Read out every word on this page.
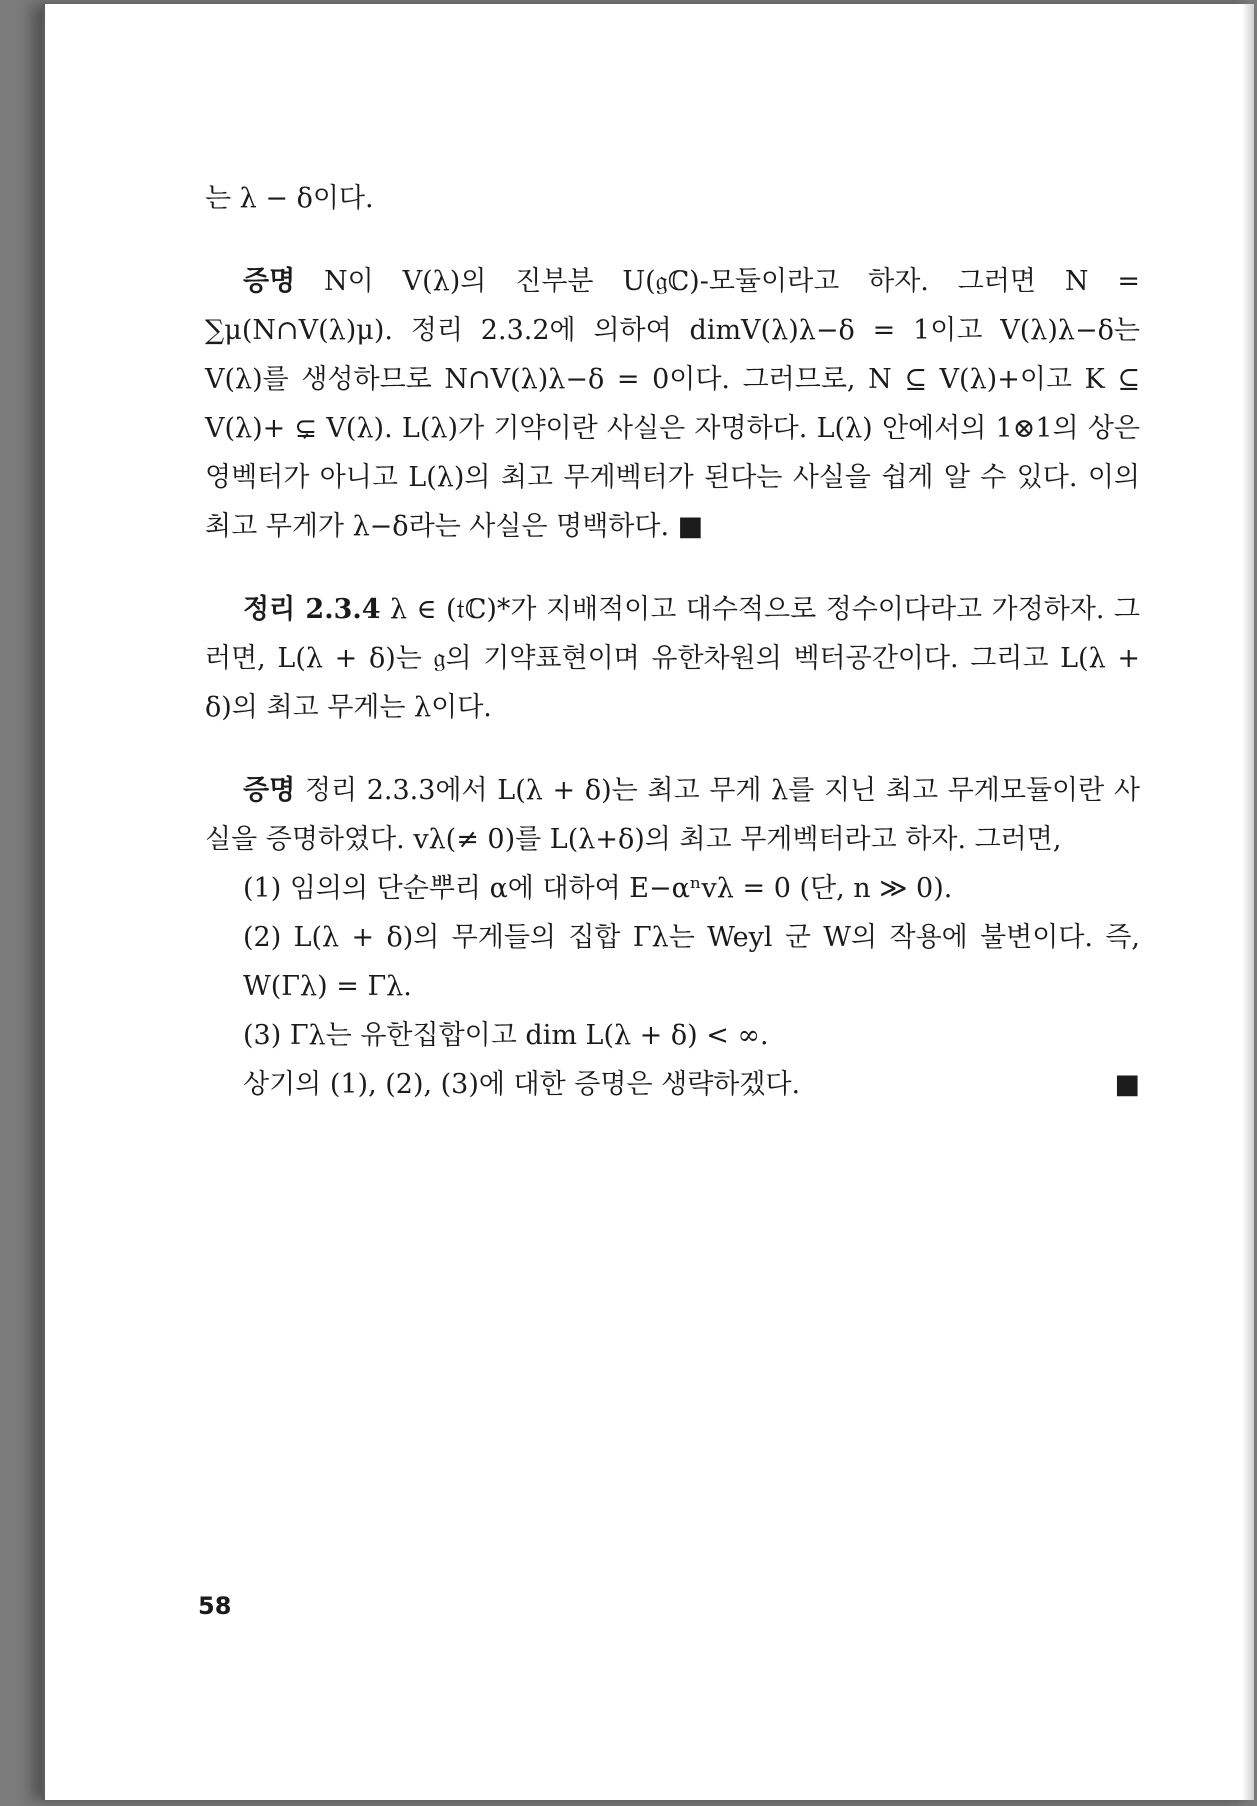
는 λ − δ이다.

증명 N이 V(λ)의 진부분 U(𝔤ℂ)-모듈이라고 하자. 그러면 N = ∑μ(N∩V(λ)μ). 정리 2.3.2에 의하여 dimV(λ)λ−δ = 1이고 V(λ)λ−δ는 V(λ)를 생성하므로 N∩V(λ)λ−δ = 0이다. 그러므로, N ⊆ V(λ)+이고 K ⊆ V(λ)+ ⊊ V(λ). L(λ)가 기약이란 사실은 자명하다. L(λ) 안에서의 1⊗1의 상은 영벡터가 아니고 L(λ)의 최고 무게벡터가 된다는 사실을 쉽게 알 수 있다. 이의 최고 무게가 λ−δ라는 사실은 명백하다. ■

정리 2.3.4 λ ∈ (𝔱ℂ)*가 지배적이고 대수적으로 정수이다라고 가정하자. 그러면, L(λ + δ)는 𝔤의 기약표현이며 유한차원의 벡터공간이다. 그리고 L(λ + δ)의 최고 무게는 λ이다.

증명 정리 2.3.3에서 L(λ + δ)는 최고 무게 λ를 지닌 최고 무게모듈이란 사실을 증명하였다. vλ(≠ 0)를 L(λ+δ)의 최고 무게벡터라고 하자. 그러면,

(1) 임의의 단순뿌리 α에 대하여 E−αⁿvλ = 0 (단, n ≫ 0).

(2) L(λ + δ)의 무게들의 집합 Γλ는 Weyl 군 W의 작용에 불변이다. 즉, W(Γλ) = Γλ.

(3) Γλ는 유한집합이고 dim L(λ + δ) < ∞.

상기의 (1), (2), (3)에 대한 증명은 생략하겠다.	■
58
